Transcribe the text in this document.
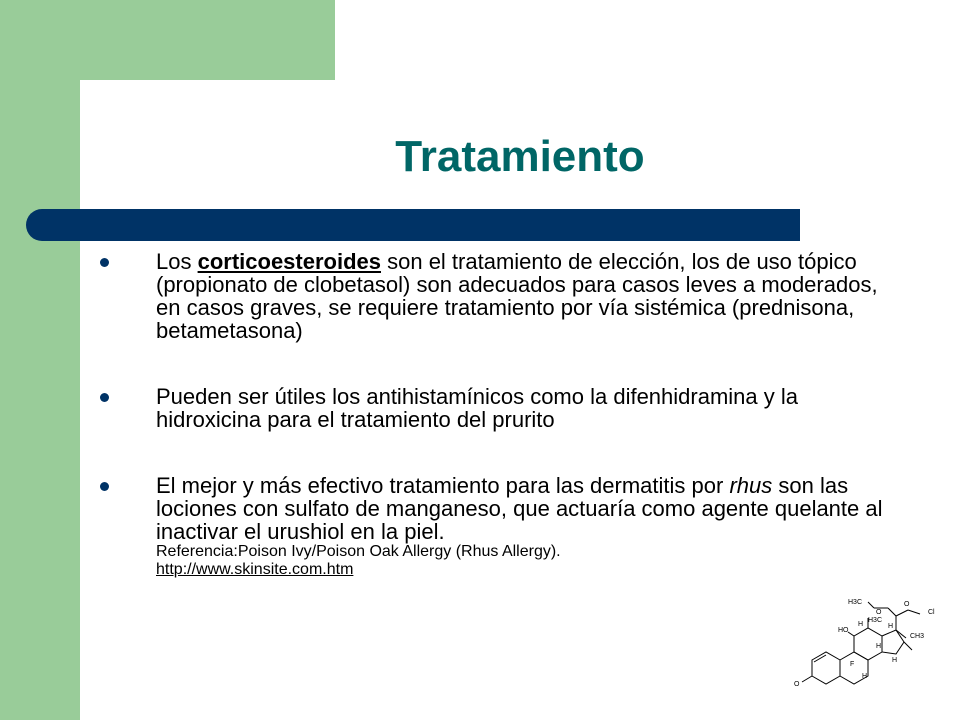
Tratamiento
Los corticoesteroides son el tratamiento de elección, los de uso tópico (propionato de clobetasol) son adecuados para casos leves a moderados, en casos graves, se requiere tratamiento por vía sistémica (prednisona, betametasona)
Pueden ser útiles los antihistamínicos como la difenhidramina y la hidroxicina para el tratamiento del prurito
El mejor y más efectivo tratamiento para las dermatitis por rhus son las lociones con sulfato de manganeso, que actuaría como agente quelante al inactivar el urushiol en la piel.
Referencia:Poison Ivy/Poison Oak Allergy (Rhus Allergy).
http://www.skinsite.com.htm
H3C
O
O
Cl
HO
H
H3C
H
H
CH3
H
F
H
O
